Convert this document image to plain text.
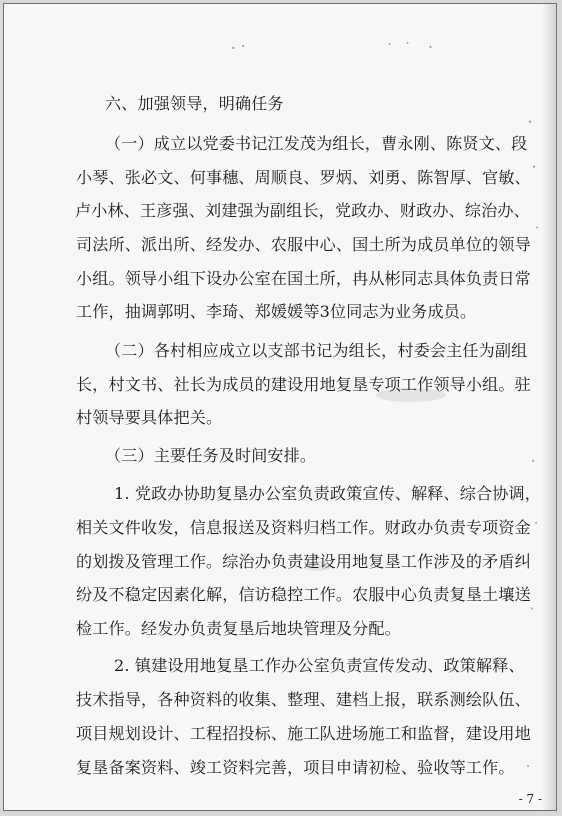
六、加强领导，明确任务
（一）成立以党委书记江发茂为组长，曹永刚、陈贤文、段
小琴、张必文、何事穗、周顺良、罗炳、刘勇、陈智厚、官敏、
卢小林、王彦强、刘建强为副组长，党政办、财政办、综治办、
司法所、派出所、经发办、农服中心、国土所为成员单位的领导
小组。领导小组下设办公室在国土所，冉从彬同志具体负责日常
工作，抽调郭明、李琦、郑媛媛等3位同志为业务成员。
（二）各村相应成立以支部书记为组长，村委会主任为副组
长，村文书、社长为成员的建设用地复垦专项工作领导小组。驻
村领导要具体把关。
（三）主要任务及时间安排。
1. 党政办协助复垦办公室负责政策宣传、解释、综合协调，
相关文件收发，信息报送及资料归档工作。财政办负责专项资金
的划拨及管理工作。综治办负责建设用地复垦工作涉及的矛盾纠
纷及不稳定因素化解，信访稳控工作。农服中心负责复垦土壤送
检工作。经发办负责复垦后地块管理及分配。
2. 镇建设用地复垦工作办公室负责宣传发动、政策解释、
技术指导，各种资料的收集、整理、建档上报，联系测绘队伍、
项目规划设计、工程招投标、施工队进场施工和监督，建设用地
复垦备案资料、竣工资料完善，项目申请初检、验收等工作。
- 7 -
